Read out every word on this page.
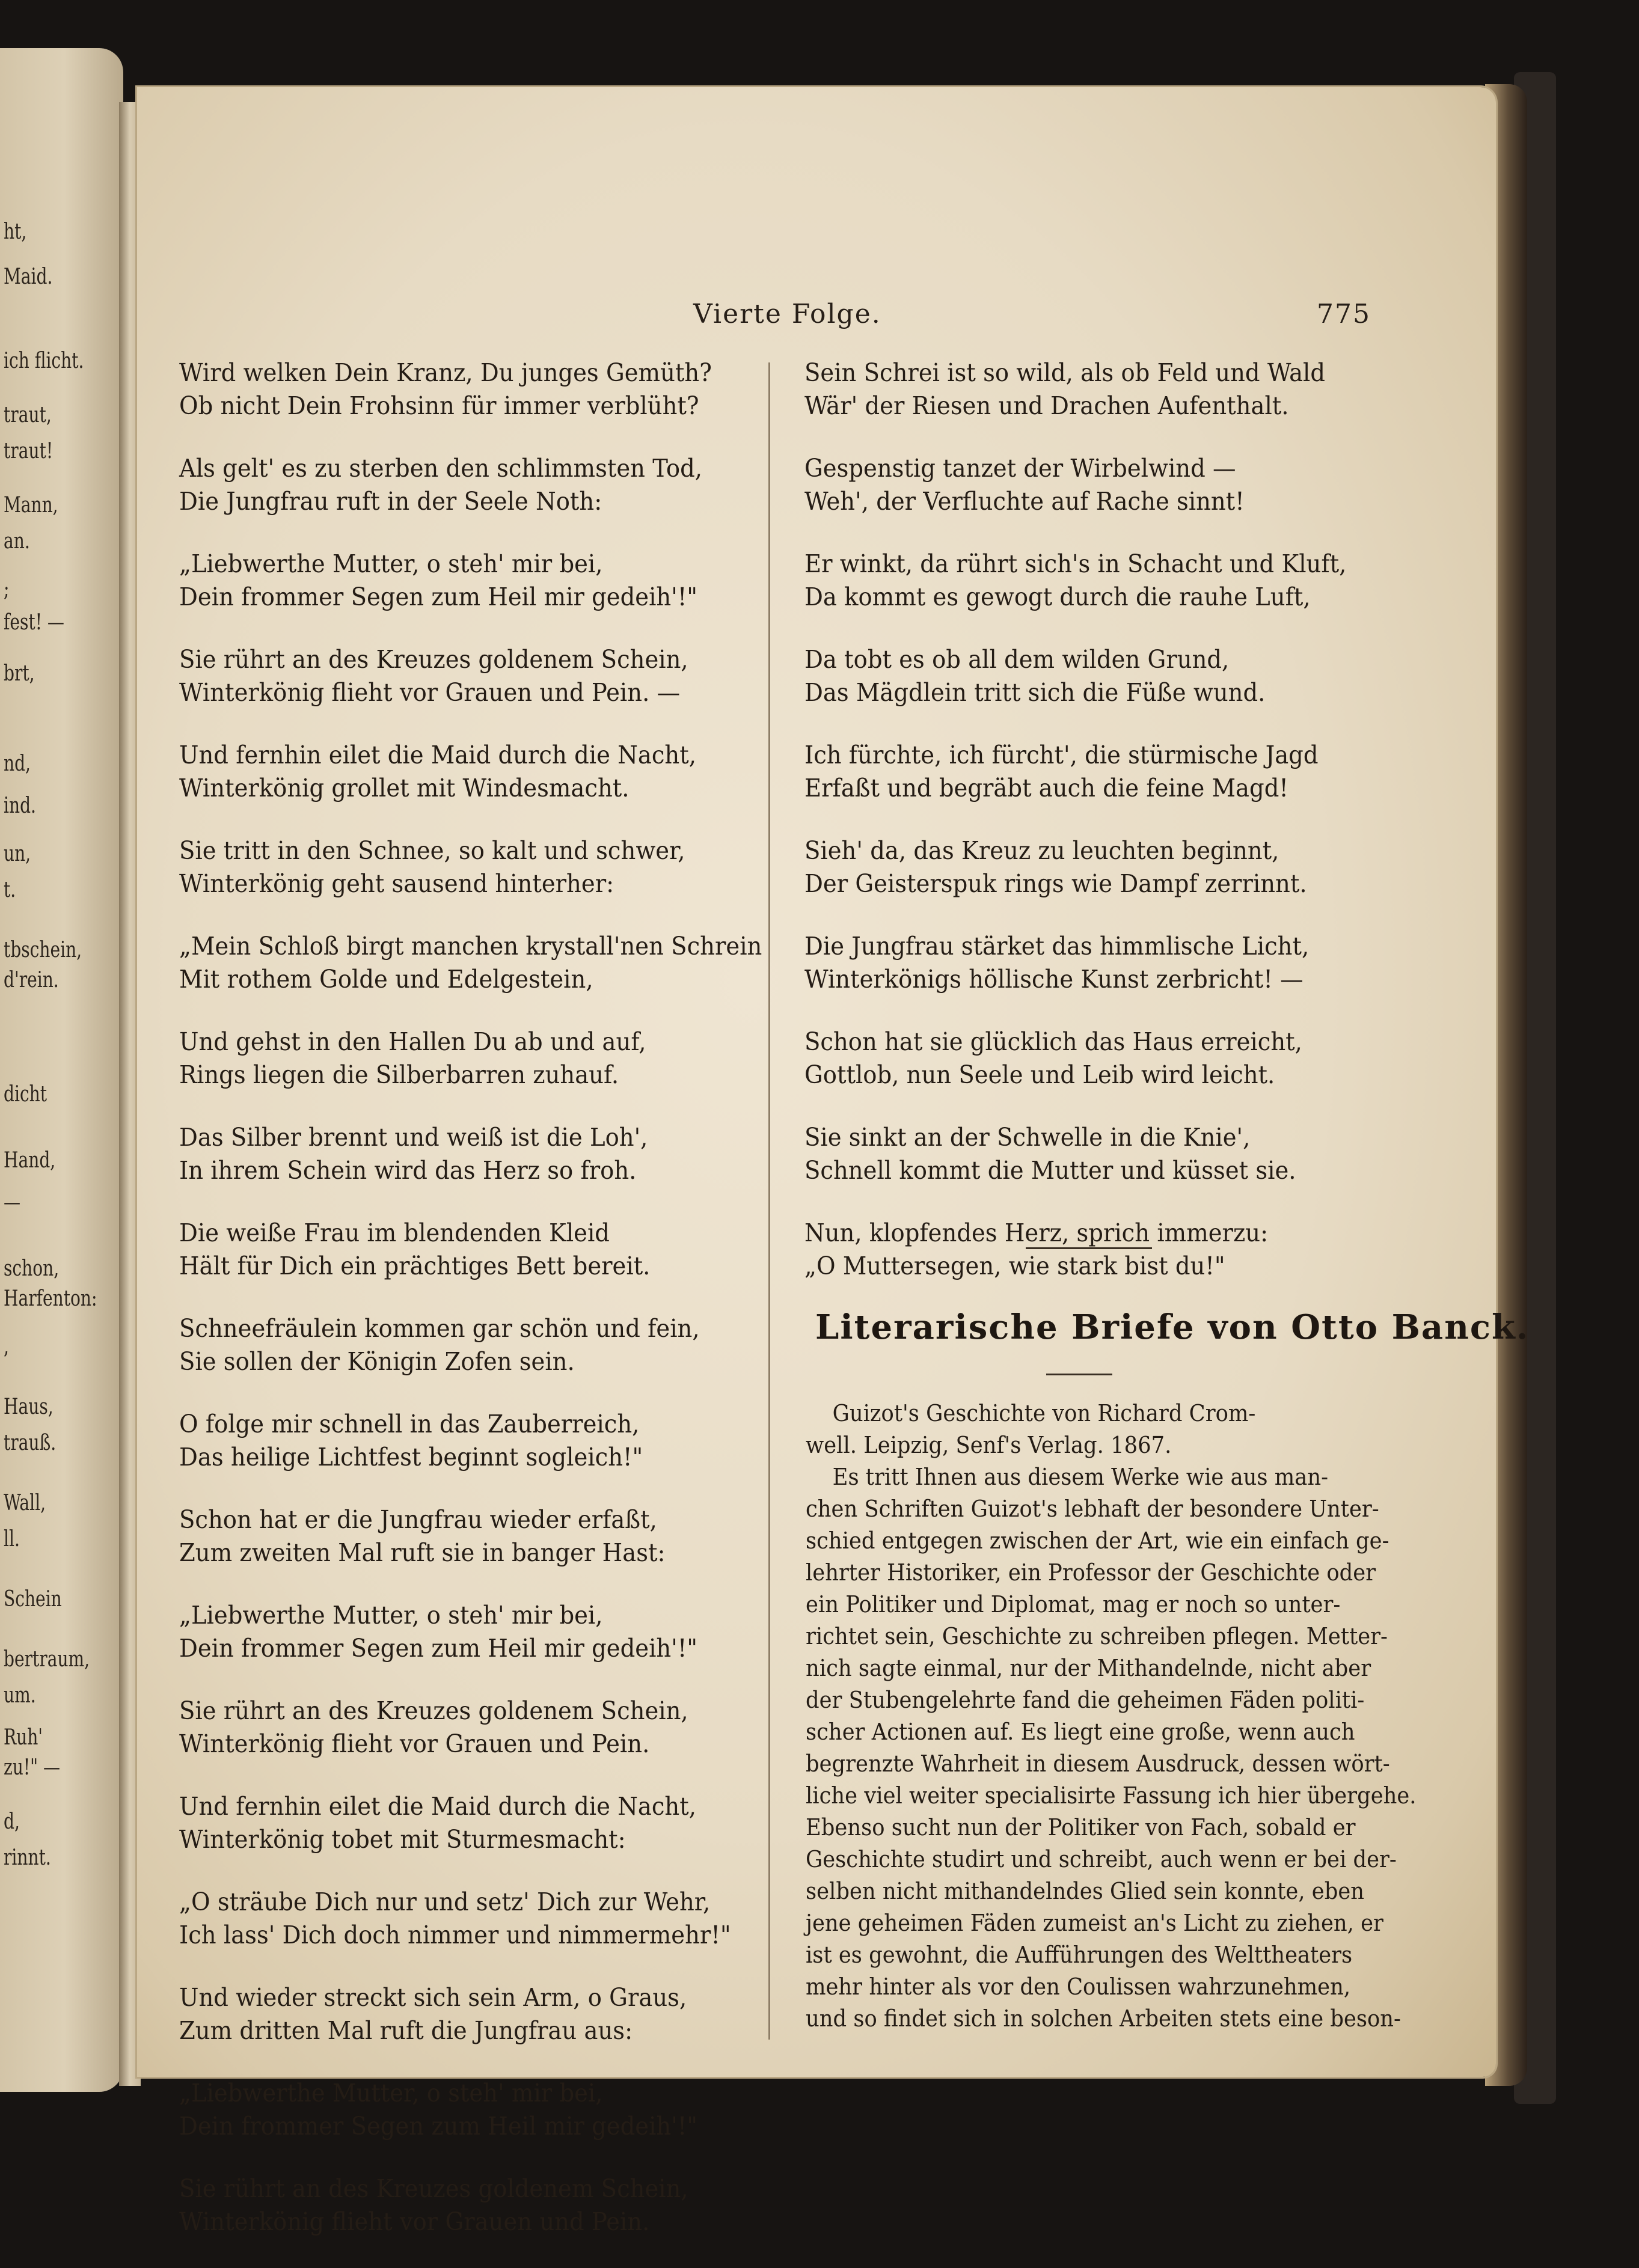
ht,
Maid.
ich flicht.
traut,
traut!
Mann,
an.
;
fest! —
brt,
nd,
ind.
un,
t.
tbschein,
d'rein.
dicht
Hand,
—
schon,
Harfenton:
,
Haus,
trauß.
Wall,
ll.
Schein
bertraum,
um.
Ruh'
zu!" —
d,
rinnt.
Vierte Folge.	775
Wird welken Dein Kranz, Du junges Gemüth?
Ob nicht Dein Frohsinn für immer verblüht?
Als gelt' es zu sterben den schlimmsten Tod,
Die Jungfrau ruft in der Seele Noth:
„Liebwerthe Mutter, o steh' mir bei,
Dein frommer Segen zum Heil mir gedeih'!"
Sie rührt an des Kreuzes goldenem Schein,
Winterkönig flieht vor Grauen und Pein. —
Und fernhin eilet die Maid durch die Nacht,
Winterkönig grollet mit Windesmacht.
Sie tritt in den Schnee, so kalt und schwer,
Winterkönig geht sausend hinterher:
„Mein Schloß birgt manchen krystall'nen Schrein
Mit rothem Golde und Edelgestein,
Und gehst in den Hallen Du ab und auf,
Rings liegen die Silberbarren zuhauf.
Das Silber brennt und weiß ist die Loh',
In ihrem Schein wird das Herz so froh.
Die weiße Frau im blendenden Kleid
Hält für Dich ein prächtiges Bett bereit.
Schneefräulein kommen gar schön und fein,
Sie sollen der Königin Zofen sein.
O folge mir schnell in das Zauberreich,
Das heilige Lichtfest beginnt sogleich!"
Schon hat er die Jungfrau wieder erfaßt,
Zum zweiten Mal ruft sie in banger Hast:
„Liebwerthe Mutter, o steh' mir bei,
Dein frommer Segen zum Heil mir gedeih'!"
Sie rührt an des Kreuzes goldenem Schein,
Winterkönig flieht vor Grauen und Pein.
Und fernhin eilet die Maid durch die Nacht,
Winterkönig tobet mit Sturmesmacht:
„O sträube Dich nur und setz' Dich zur Wehr,
Ich lass' Dich doch nimmer und nimmermehr!"
Und wieder streckt sich sein Arm, o Graus,
Zum dritten Mal ruft die Jungfrau aus:
„Liebwerthe Mutter, o steh' mir bei,
Dein frommer Segen zum Heil mir gedeih'!"
Sie rührt an des Kreuzes goldenem Schein,
Winterkönig flieht vor Grauen und Pein.
Sein Schrei ist so wild, als ob Feld und Wald
Wär' der Riesen und Drachen Aufenthalt.
Gespenstig tanzet der Wirbelwind —
Weh', der Verfluchte auf Rache sinnt!
Er winkt, da rührt sich's in Schacht und Kluft,
Da kommt es gewogt durch die rauhe Luft,
Da tobt es ob all dem wilden Grund,
Das Mägdlein tritt sich die Füße wund.
Ich fürchte, ich fürcht', die stürmische Jagd
Erfaßt und begräbt auch die feine Magd!
Sieh' da, das Kreuz zu leuchten beginnt,
Der Geisterspuk rings wie Dampf zerrinnt.
Die Jungfrau stärket das himmlische Licht,
Winterkönigs höllische Kunst zerbricht! —
Schon hat sie glücklich das Haus erreicht,
Gottlob, nun Seele und Leib wird leicht.
Sie sinkt an der Schwelle in die Knie',
Schnell kommt die Mutter und küsset sie.
Nun, klopfendes Herz, sprich immerzu:
„O Muttersegen, wie stark bist du!"
Literarische Briefe von Otto Banck.
Guizot's Geschichte von Richard Crom-
well. Leipzig, Senf's Verlag. 1867.
Es tritt Ihnen aus diesem Werke wie aus man-
chen Schriften Guizot's lebhaft der besondere Unter-
schied entgegen zwischen der Art, wie ein einfach ge-
lehrter Historiker, ein Professor der Geschichte oder
ein Politiker und Diplomat, mag er noch so unter-
richtet sein, Geschichte zu schreiben pflegen. Metter-
nich sagte einmal, nur der Mithandelnde, nicht aber
der Stubengelehrte fand die geheimen Fäden politi-
scher Actionen auf. Es liegt eine große, wenn auch
begrenzte Wahrheit in diesem Ausdruck, dessen wört-
liche viel weiter specialisirte Fassung ich hier übergehe.
Ebenso sucht nun der Politiker von Fach, sobald er
Geschichte studirt und schreibt, auch wenn er bei der-
selben nicht mithandelndes Glied sein konnte, eben
jene geheimen Fäden zumeist an's Licht zu ziehen, er
ist es gewohnt, die Aufführungen des Welttheaters
mehr hinter als vor den Coulissen wahrzunehmen,
und so findet sich in solchen Arbeiten stets eine beson-
